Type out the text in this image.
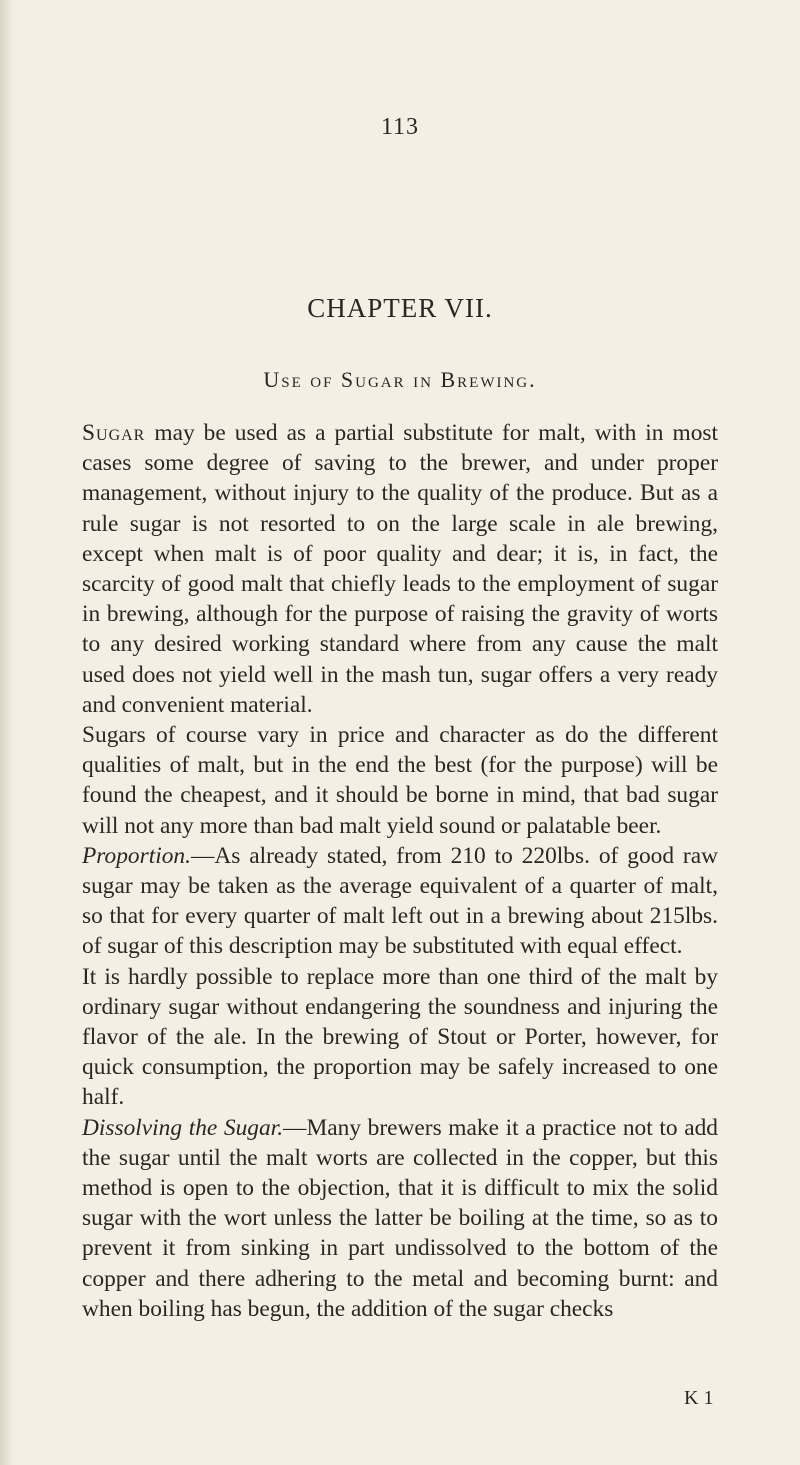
113
CHAPTER VII.
Use of Sugar in Brewing.

Sugar may be used as a partial substitute for malt, with in most cases some degree of saving to the brewer, and under proper management, without injury to the quality of the produce. But as a rule sugar is not resorted to on the large scale in ale brewing, except when malt is of poor quality and dear; it is, in fact, the scarcity of good malt that chiefly leads to the employment of sugar in brewing, although for the purpose of raising the gravity of worts to any desired working standard where from any cause the malt used does not yield well in the mash tun, sugar offers a very ready and convenient material.

Sugars of course vary in price and character as do the different qualities of malt, but in the end the best (for the purpose) will be found the cheapest, and it should be borne in mind, that bad sugar will not any more than bad malt yield sound or palatable beer.

Proportion.—As already stated, from 210 to 220lbs. of good raw sugar may be taken as the average equivalent of a quarter of malt, so that for every quarter of malt left out in a brewing about 215lbs. of sugar of this description may be substituted with equal effect.

It is hardly possible to replace more than one third of the malt by ordinary sugar without endangering the soundness and injuring the flavor of the ale. In the brewing of Stout or Porter, however, for quick consumption, the proportion may be safely increased to one half.

Dissolving the Sugar.—Many brewers make it a practice not to add the sugar until the malt worts are collected in the copper, but this method is open to the objection, that it is difficult to mix the solid sugar with the wort unless the latter be boiling at the time, so as to prevent it from sinking in part undissolved to the bottom of the copper and there adhering to the metal and becoming burnt: and when boiling has begun, the addition of the sugar checks

K 1
